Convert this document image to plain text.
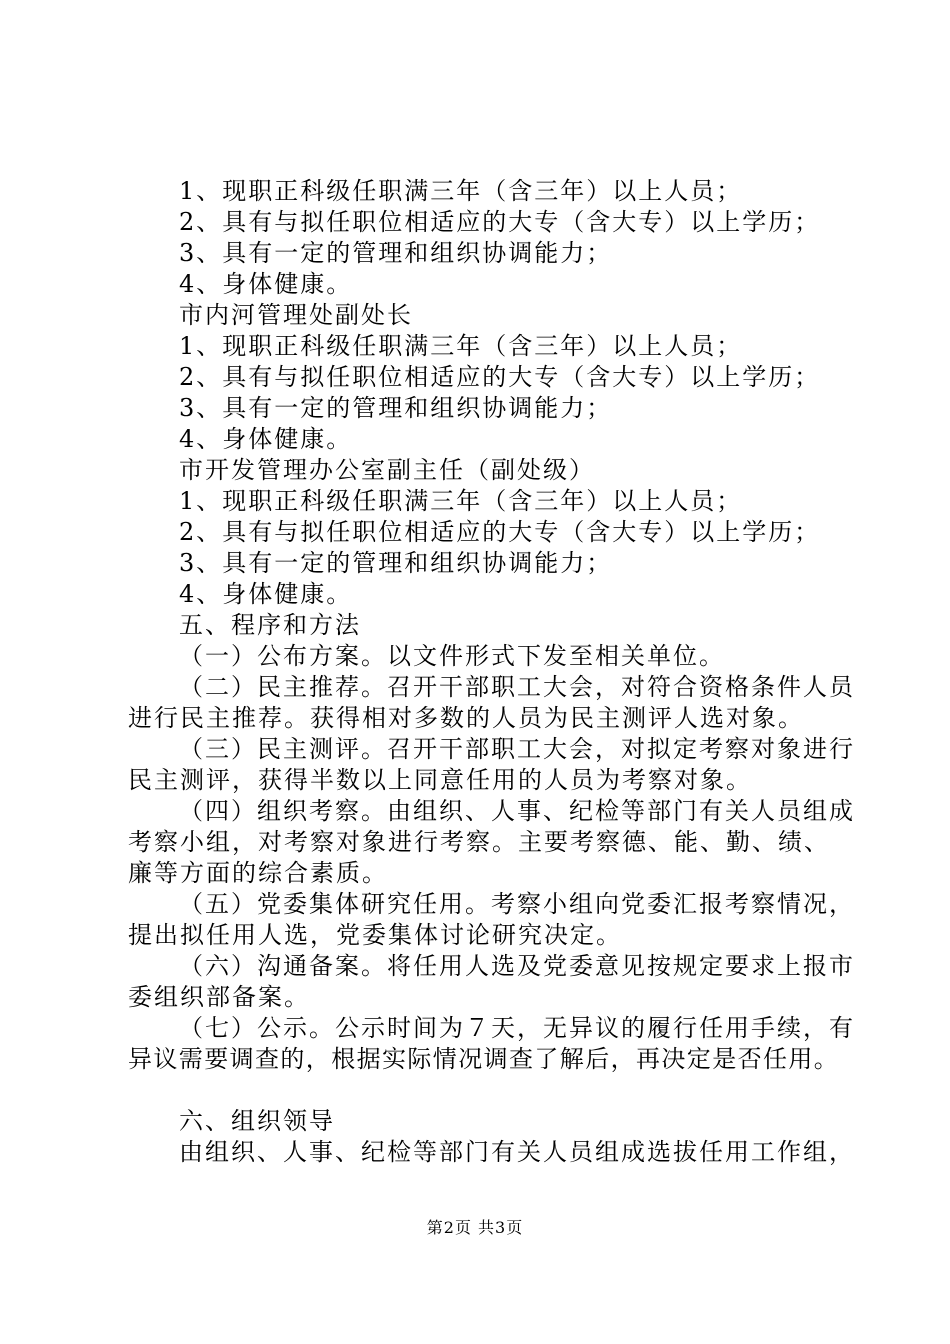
1、现职正科级任职满三年（含三年）以上人员；
2、具有与拟任职位相适应的大专（含大专）以上学历；
3、具有一定的管理和组织协调能力；
4、身体健康。
市内河管理处副处长
1、现职正科级任职满三年（含三年）以上人员；
2、具有与拟任职位相适应的大专（含大专）以上学历；
3、具有一定的管理和组织协调能力；
4、身体健康。
市开发管理办公室副主任（副处级）
1、现职正科级任职满三年（含三年）以上人员；
2、具有与拟任职位相适应的大专（含大专）以上学历；
3、具有一定的管理和组织协调能力；
4、身体健康。
五、程序和方法
（一）公布方案。以文件形式下发至相关单位。
（二）民主推荐。召开干部职工大会，对符合资格条件人员
进行民主推荐。获得相对多数的人员为民主测评人选对象。
（三）民主测评。召开干部职工大会，对拟定考察对象进行
民主测评，获得半数以上同意任用的人员为考察对象。
（四）组织考察。由组织、人事、纪检等部门有关人员组成
考察小组，对考察对象进行考察。主要考察德、能、勤、绩、
廉等方面的综合素质。
（五）党委集体研究任用。考察小组向党委汇报考察情况，
提出拟任用人选，党委集体讨论研究决定。
（六）沟通备案。将任用人选及党委意见按规定要求上报市
委组织部备案。
（七）公示。公示时间为７天，无异议的履行任用手续，有
异议需要调查的，根据实际情况调查了解后，再决定是否任用。
六、组织领导
由组织、人事、纪检等部门有关人员组成选拔任用工作组，
第2页 共3页
